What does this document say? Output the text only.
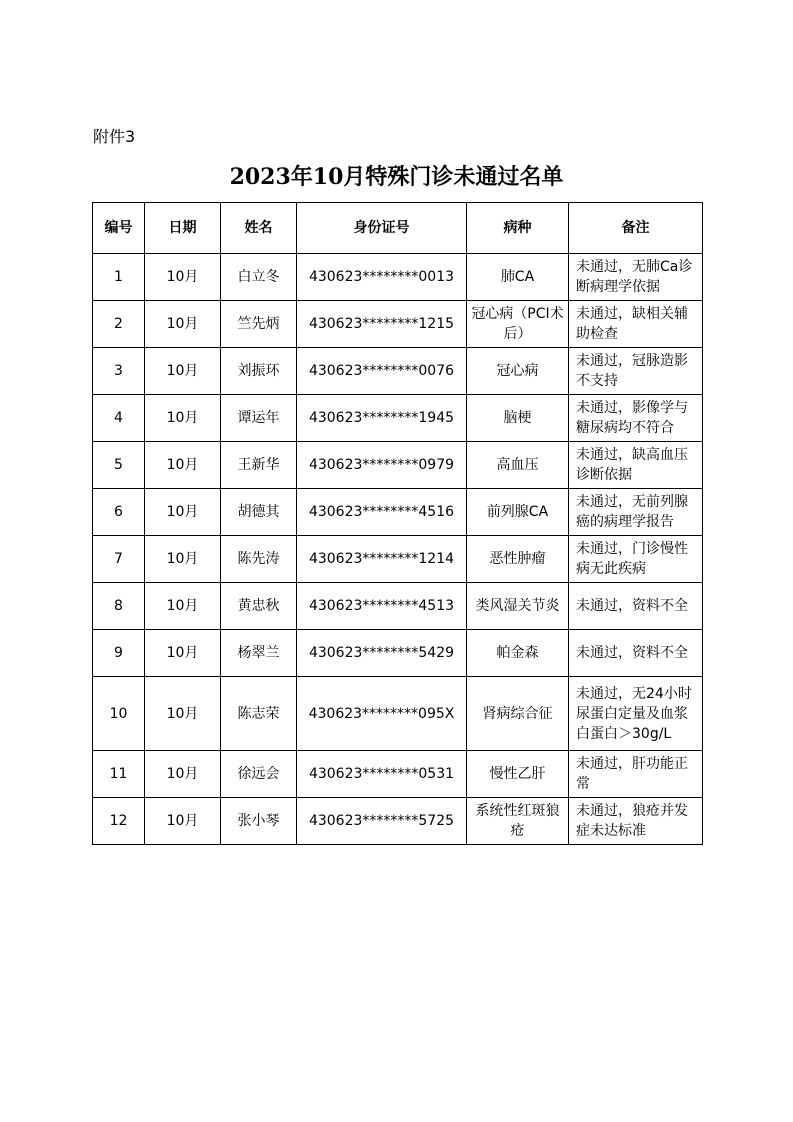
附件3
2023年10月特殊门诊未通过名单
编号	日期	姓名	身份证号	病种	备注
1	10月	白立冬	430623********0013	肺CA	未通过，无肺Ca诊断病理学依据
2	10月	竺先炳	430623********1215	冠心病（PCI术后）	未通过，缺相关辅助检查
3	10月	刘振环	430623********0076	冠心病	未通过，冠脉造影不支持
4	10月	谭运年	430623********1945	脑梗	未通过，影像学与糖尿病均不符合
5	10月	王新华	430623********0979	高血压	未通过，缺高血压诊断依据
6	10月	胡德其	430623********4516	前列腺CA	未通过，无前列腺癌的病理学报告
7	10月	陈先涛	430623********1214	恶性肿瘤	未通过，门诊慢性病无此疾病
8	10月	黄忠秋	430623********4513	类风湿关节炎	未通过，资料不全
9	10月	杨翠兰	430623********5429	帕金森	未通过，资料不全
10	10月	陈志荣	430623********095X	肾病综合征	未通过，无24小时尿蛋白定量及血浆白蛋白＞30g/L
11	10月	徐远会	430623********0531	慢性乙肝	未通过，肝功能正常
12	10月	张小琴	430623********5725	系统性红斑狼疮	未通过，狼疮并发症未达标准
